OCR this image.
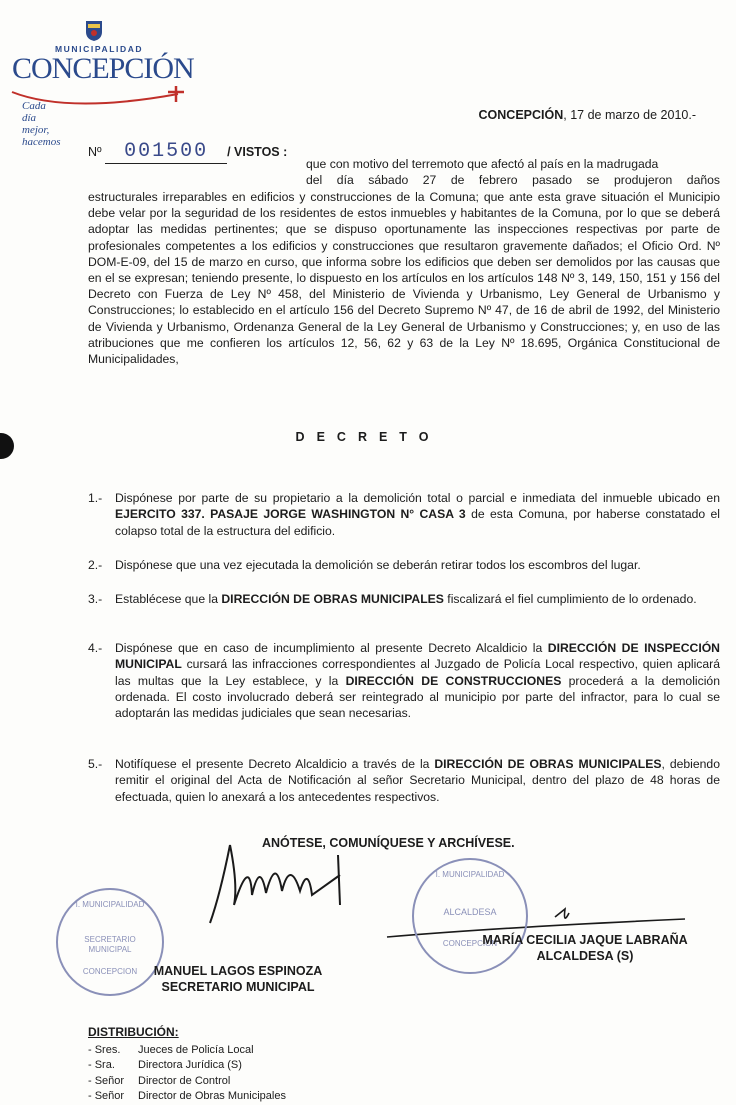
MUNICIPALIDAD
CONCEPCIÓN
Cada día mejor, hacemos
CONCEPCIÓN, 17 de marzo de 2010.-
Nº 001500 / VISTOS :
que con motivo del terremoto que afectó al país en la madrugada
del día sábado 27 de febrero pasado se produjeron daños
estructurales irreparables en edificios y construcciones de la Comuna; que ante esta grave situación el Municipio debe velar por la seguridad de los residentes de estos inmuebles y habitantes de la Comuna, por lo que se deberá adoptar las medidas pertinentes; que se dispuso oportunamente las inspecciones respectivas por parte de profesionales competentes a los edificios y construcciones que resultaron gravemente dañados; el Oficio Ord. Nº DOM-E-09, del 15 de marzo en curso, que informa sobre los edificios que deben ser demolidos por las causas que en el se expresan; teniendo presente, lo dispuesto en los artículos en los artículos 148 Nº 3, 149, 150, 151 y 156 del Decreto con Fuerza de Ley Nº 458, del Ministerio de Vivienda y Urbanismo, Ley General de Urbanismo y Construcciones; lo establecido en el artículo 156 del Decreto Supremo Nº 47, de 16 de abril de 1992, del Ministerio de Vivienda y Urbanismo, Ordenanza General de la Ley General de Urbanismo y Construcciones; y, en uso de las atribuciones que me confieren los artículos 12, 56, 62 y 63 de la Ley Nº 18.695, Orgánica Constitucional de Municipalidades,
DECRETO
1.- Dispónese por parte de su propietario a la demolición total o parcial e inmediata del inmueble ubicado en EJERCITO 337. PASAJE JORGE WASHINGTON N° CASA 3 de esta Comuna, por haberse constatado el colapso total de la estructura del edificio.
2.- Dispónese que una vez ejecutada la demolición se deberán retirar todos los escombros del lugar.
3.- Establécese que la DIRECCIÓN DE OBRAS MUNICIPALES fiscalizará el fiel cumplimiento de lo ordenado.
4.- Dispónese que en caso de incumplimiento al presente Decreto Alcaldicio la DIRECCIÓN DE INSPECCIÓN MUNICIPAL cursará las infracciones correspondientes al Juzgado de Policía Local respectivo, quien aplicará las multas que la Ley establece, y la DIRECCIÓN DE CONSTRUCCIONES procederá a la demolición ordenada. El costo involucrado deberá ser reintegrado al municipio por parte del infractor, para lo cual se adoptarán las medidas judiciales que sean necesarias.
5.- Notifíquese el presente Decreto Alcaldicio a través de la DIRECCIÓN DE OBRAS MUNICIPALES, debiendo remitir el original del Acta de Notificación al señor Secretario Municipal, dentro del plazo de 48 horas de efectuada, quien lo anexará a los antecedentes respectivos.
ANÓTESE, COMUNÍQUESE Y ARCHÍVESE.
I. MUNICIPALIDAD
SECRETARIO MUNICIPAL
CONCEPCION
I. MUNICIPALIDAD
ALCALDESA
CONCEPCION
MARÍA CECILIA JAQUE LABRAÑA
ALCALDESA (S)
MANUEL LAGOS ESPINOZA
SECRETARIO MUNICIPAL
DISTRIBUCIÓN:
- Sres. Jueces de Policía Local
- Sra. Directora Jurídica (S)
- Señor Director de Control
- Señor Director de Obras Municipales
